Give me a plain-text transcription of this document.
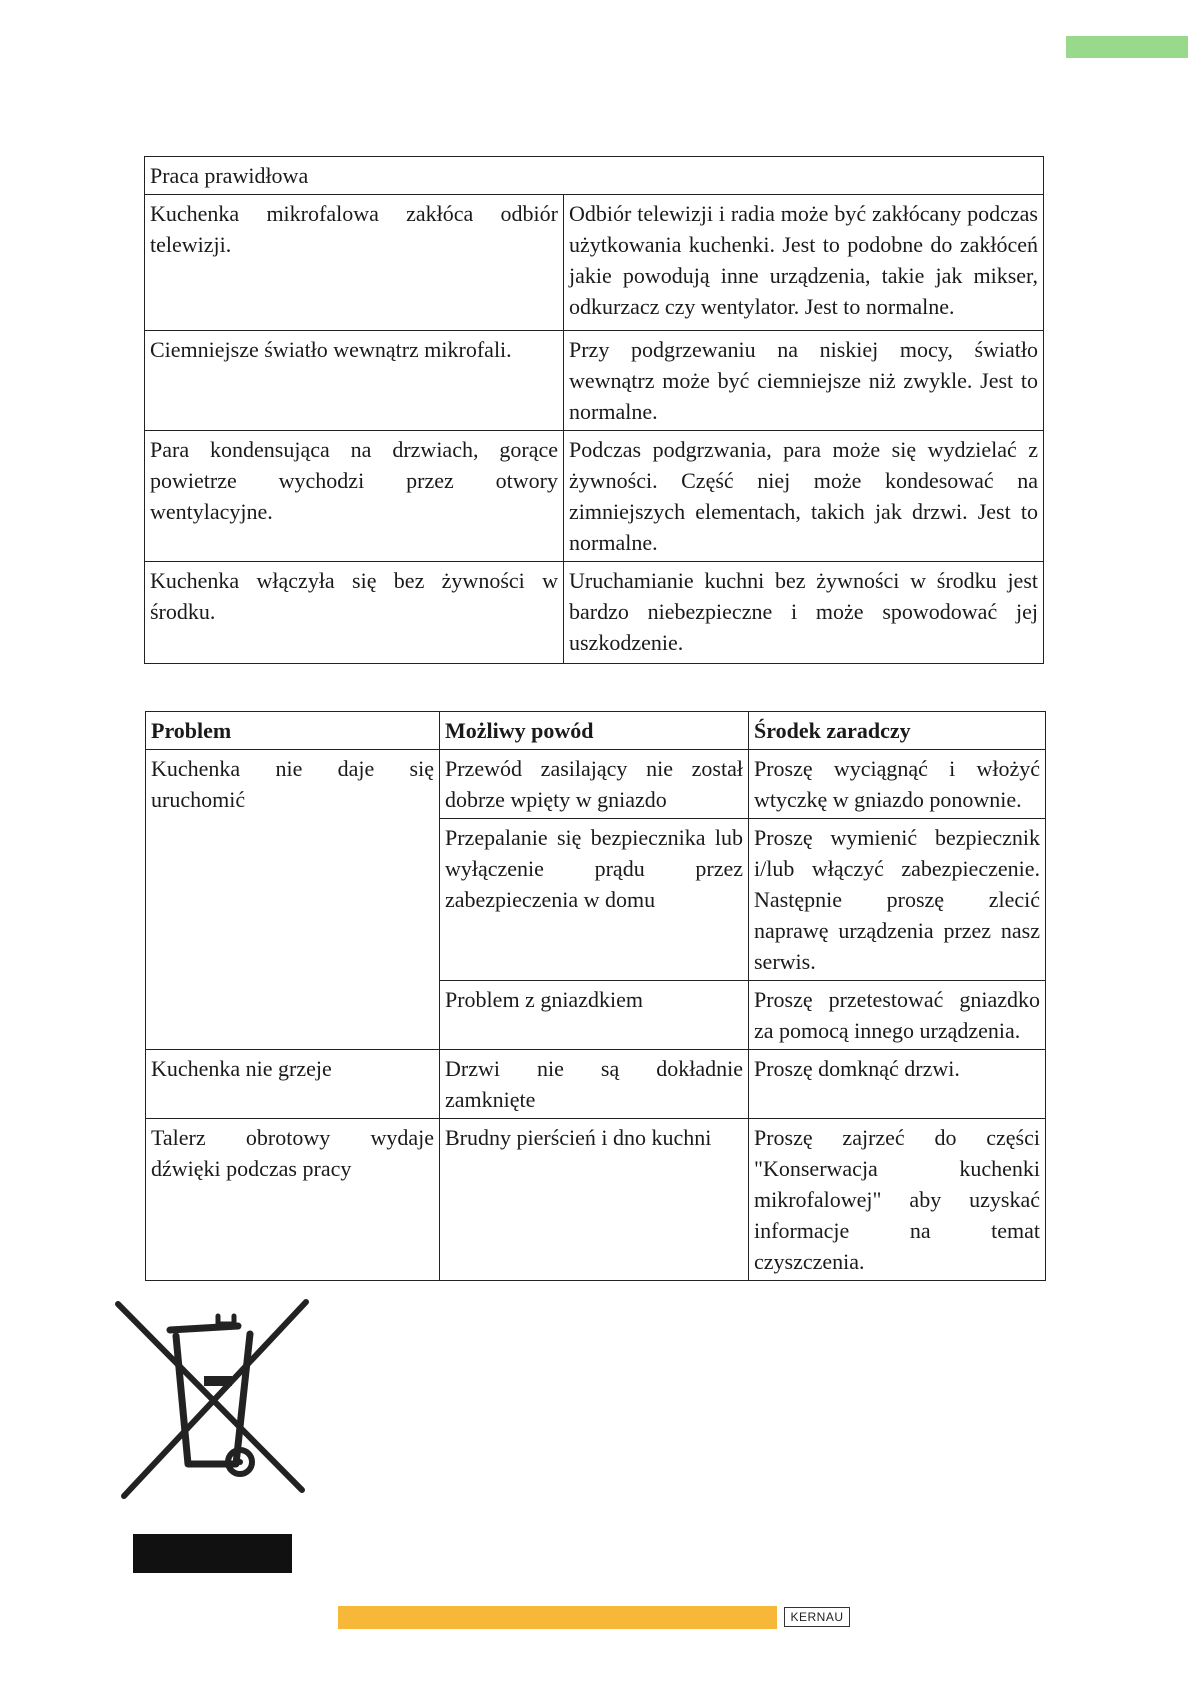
Praca prawidłowa	
Kuchenka mikrofalowa zakłóca odbiór telewizji.	Odbiór telewizji i radia może być zakłócany podczas użytkowania kuchenki. Jest to podobne do zakłóceń jakie powodują inne urządzenia, takie jak mikser, odkurzacz czy wentylator. Jest to normalne.
Ciemniejsze światło wewnątrz mikrofali.	Przy podgrzewaniu na niskiej mocy, światło wewnątrz może być ciemniejsze niż zwykle. Jest to normalne.
Para kondensująca na drzwiach, gorące powietrze wychodzi przez otwory wentylacyjne.	Podczas podgrzwania, para może się wydzielać z żywności. Część niej może kondesować na zimniejszych elementach, takich jak drzwi. Jest to normalne.
Kuchenka włączyła się bez żywności w środku.	Uruchamianie kuchni bez żywności w środku jest bardzo niebezpieczne i może spowodować jej uszkodzenie.
Problem	Możliwy powód	Środek zaradczy
Kuchenka nie daje się uruchomić	Przewód zasilający nie został dobrze wpięty w gniazdo	Proszę wyciągnąć i włożyć wtyczkę w gniazdo ponownie.
	Przepalanie się bezpiecznika lub wyłączenie prądu przez zabezpieczenia w domu	Proszę wymienić bezpiecznik i/lub włączyć zabezpieczenie. Następnie proszę zlecić naprawę urządzenia przez nasz serwis.
	Problem z gniazdkiem	Proszę przetestować gniazdko za pomocą innego urządzenia.
Kuchenka nie grzeje	Drzwi nie są dokładnie zamknięte	Proszę domknąć drzwi.
Talerz obrotowy wydaje dźwięki podczas pracy	Brudny pierścień i dno kuchni	Proszę zajrzeć do części "Konserwacja kuchenki mikrofalowej" aby uzyskać informacje na temat czyszczenia.
KERNAU
